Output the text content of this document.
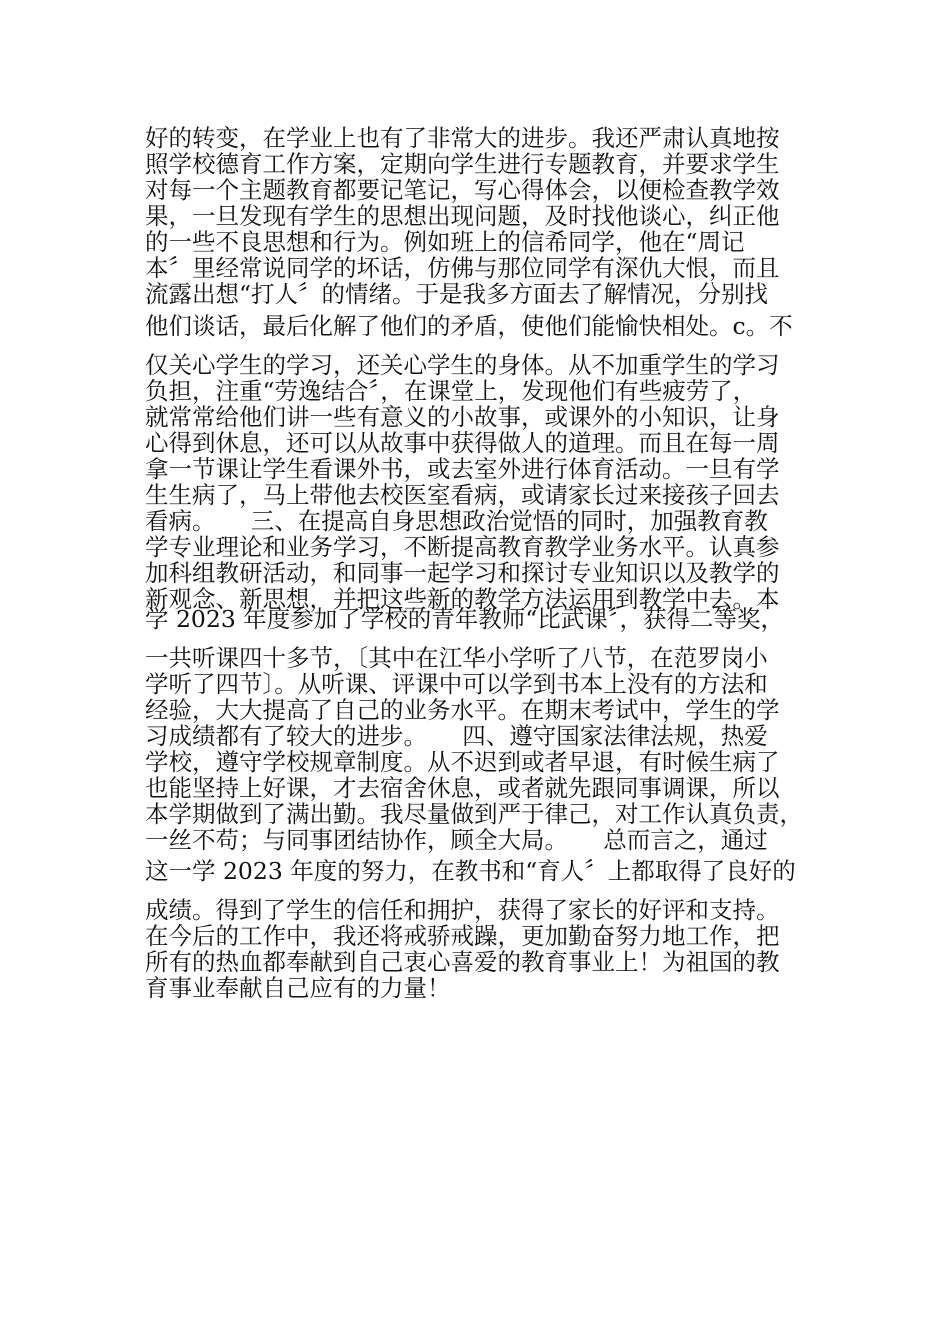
好的转变，在学业上也有了非常大的进步。我还严肃认真地按
照学校德育工作方案，定期向学生进行专题教育，并要求学生
对每一个主题教育都要记笔记，写心得体会，以便检查教学效
果，一旦发现有学生的思想出现问题，及时找他谈心，纠正他
的一些不良思想和行为。例如班上的信希同学，他在“周记
本〞里经常说同学的坏话，仿佛与那位同学有深仇大恨，而且
流露出想“打人〞的情绪。于是我多方面去了解情况，分别找
他们谈话，最后化解了他们的矛盾，使他们能愉快相处。c。不
仅关心学生的学习，还关心学生的身体。从不加重学生的学习
负担，注重“劳逸结合〞，在课堂上，发现他们有些疲劳了，
就常常给他们讲一些有意义的小故事，或课外的小知识，让身
心得到休息，还可以从故事中获得做人的道理。而且在每一周
拿一节课让学生看课外书，或去室外进行体育活动。一旦有学
生生病了，马上带他去校医室看病，或请家长过来接孩子回去
看病。　　三、在提高自身思想政治觉悟的同时，加强教育教
学专业理论和业务学习，不断提高教育教学业务水平。认真参
加科组教研活动，和同事一起学习和探讨专业知识以及教学的
新观念、新思想，并把这些新的教学方法运用到教学中去。本
学 2023 年度参加了学校的青年教师“比武课〞，获得二等奖，
一共听课四十多节，〔其中在江华小学听了八节，在范罗岗小
学听了四节〕。从听课、评课中可以学到书本上没有的方法和
经验，大大提高了自己的业务水平。在期末考试中，学生的学
习成绩都有了较大的进步。　　四、遵守国家法律法规，热爱
学校，遵守学校规章制度。从不迟到或者早退，有时候生病了
也能坚持上好课，才去宿舍休息，或者就先跟同事调课，所以
本学期做到了满出勤。我尽量做到严于律己，对工作认真负责，
一丝不苟；与同事团结协作，顾全大局。　　总而言之，通过
这一学 2023 年度的努力，在教书和“育人〞上都取得了良好的
成绩。得到了学生的信任和拥护，获得了家长的好评和支持。
在今后的工作中，我还将戒骄戒躁，更加勤奋努力地工作，把
所有的热血都奉献到自己衷心喜爱的教育事业上！为祖国的教
育事业奉献自己应有的力量！
